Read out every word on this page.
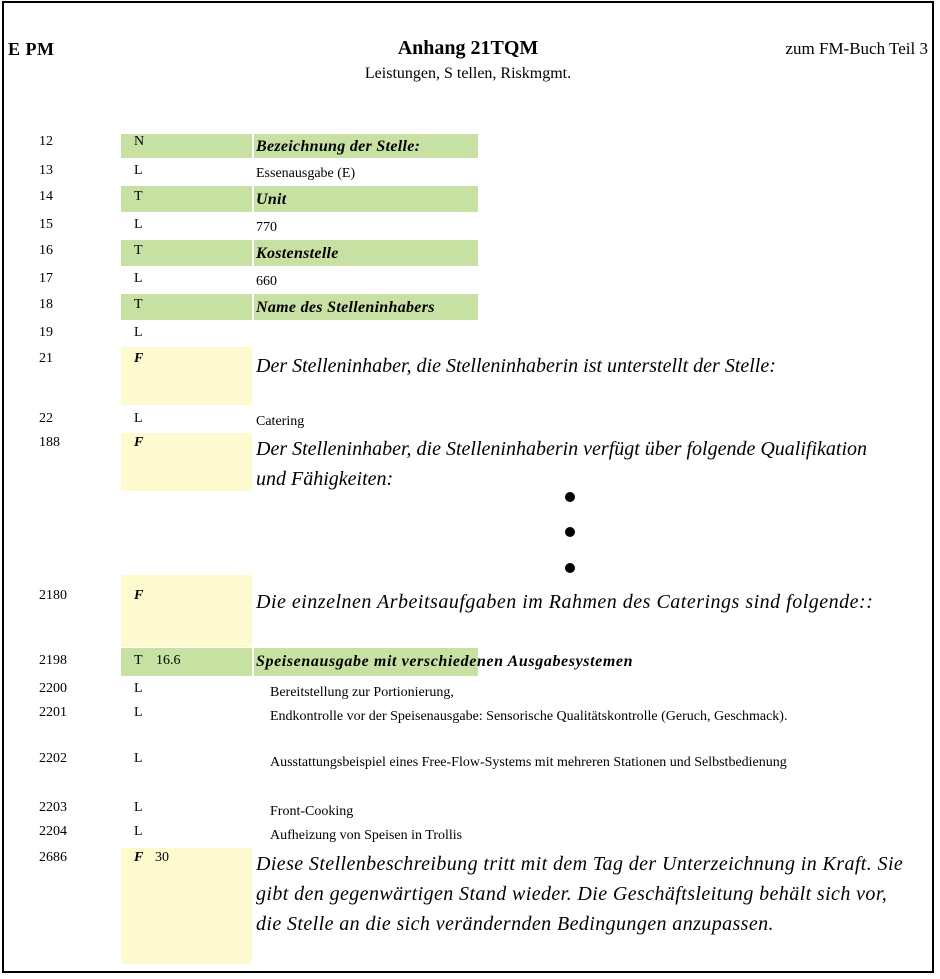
E PM	Anhang 21TQM
Leistungen, S tellen, Riskmgmt.
zum FM-Buch Teil 3
12	N	Bezeichnung der Stelle:
13	L	Essenausgabe (E)
14	T	Unit
15	L	770
16	T	Kostenstelle
17	L	660
18	T	Name des Stelleninhabers
19	L
21	F	Der Stelleninhaber, die Stelleninhaberin ist unterstellt der Stelle:
22	L	Catering
188	F	Der Stelleninhaber, die Stelleninhaberin verfügt über folgende Qualifikation und Fähigkeiten:
2180	F	Die einzelnen Arbeitsaufgaben im Rahmen des Caterings sind folgende::
2198	T 16.6	Speisenausgabe mit verschiedenen Ausgabesystemen
2200	L	Bereitstellung zur Portionierung,
2201	L	Endkontrolle vor der Speisenausgabe: Sensorische Qualitätskontrolle (Geruch, Geschmack).
2202	L	Ausstattungsbeispiel eines Free-Flow-Systems mit mehreren Stationen und Selbstbedienung
2203	L	Front-Cooking
2204	L	Aufheizung von Speisen in Trollis
2686	F 30	Diese Stellenbeschreibung tritt mit dem Tag der Unterzeichnung in Kraft. Sie gibt den gegenwärtigen Stand wieder. Die Geschäftsleitung behält sich vor, die Stelle an die sich verändernden Bedingungen anzupassen.
